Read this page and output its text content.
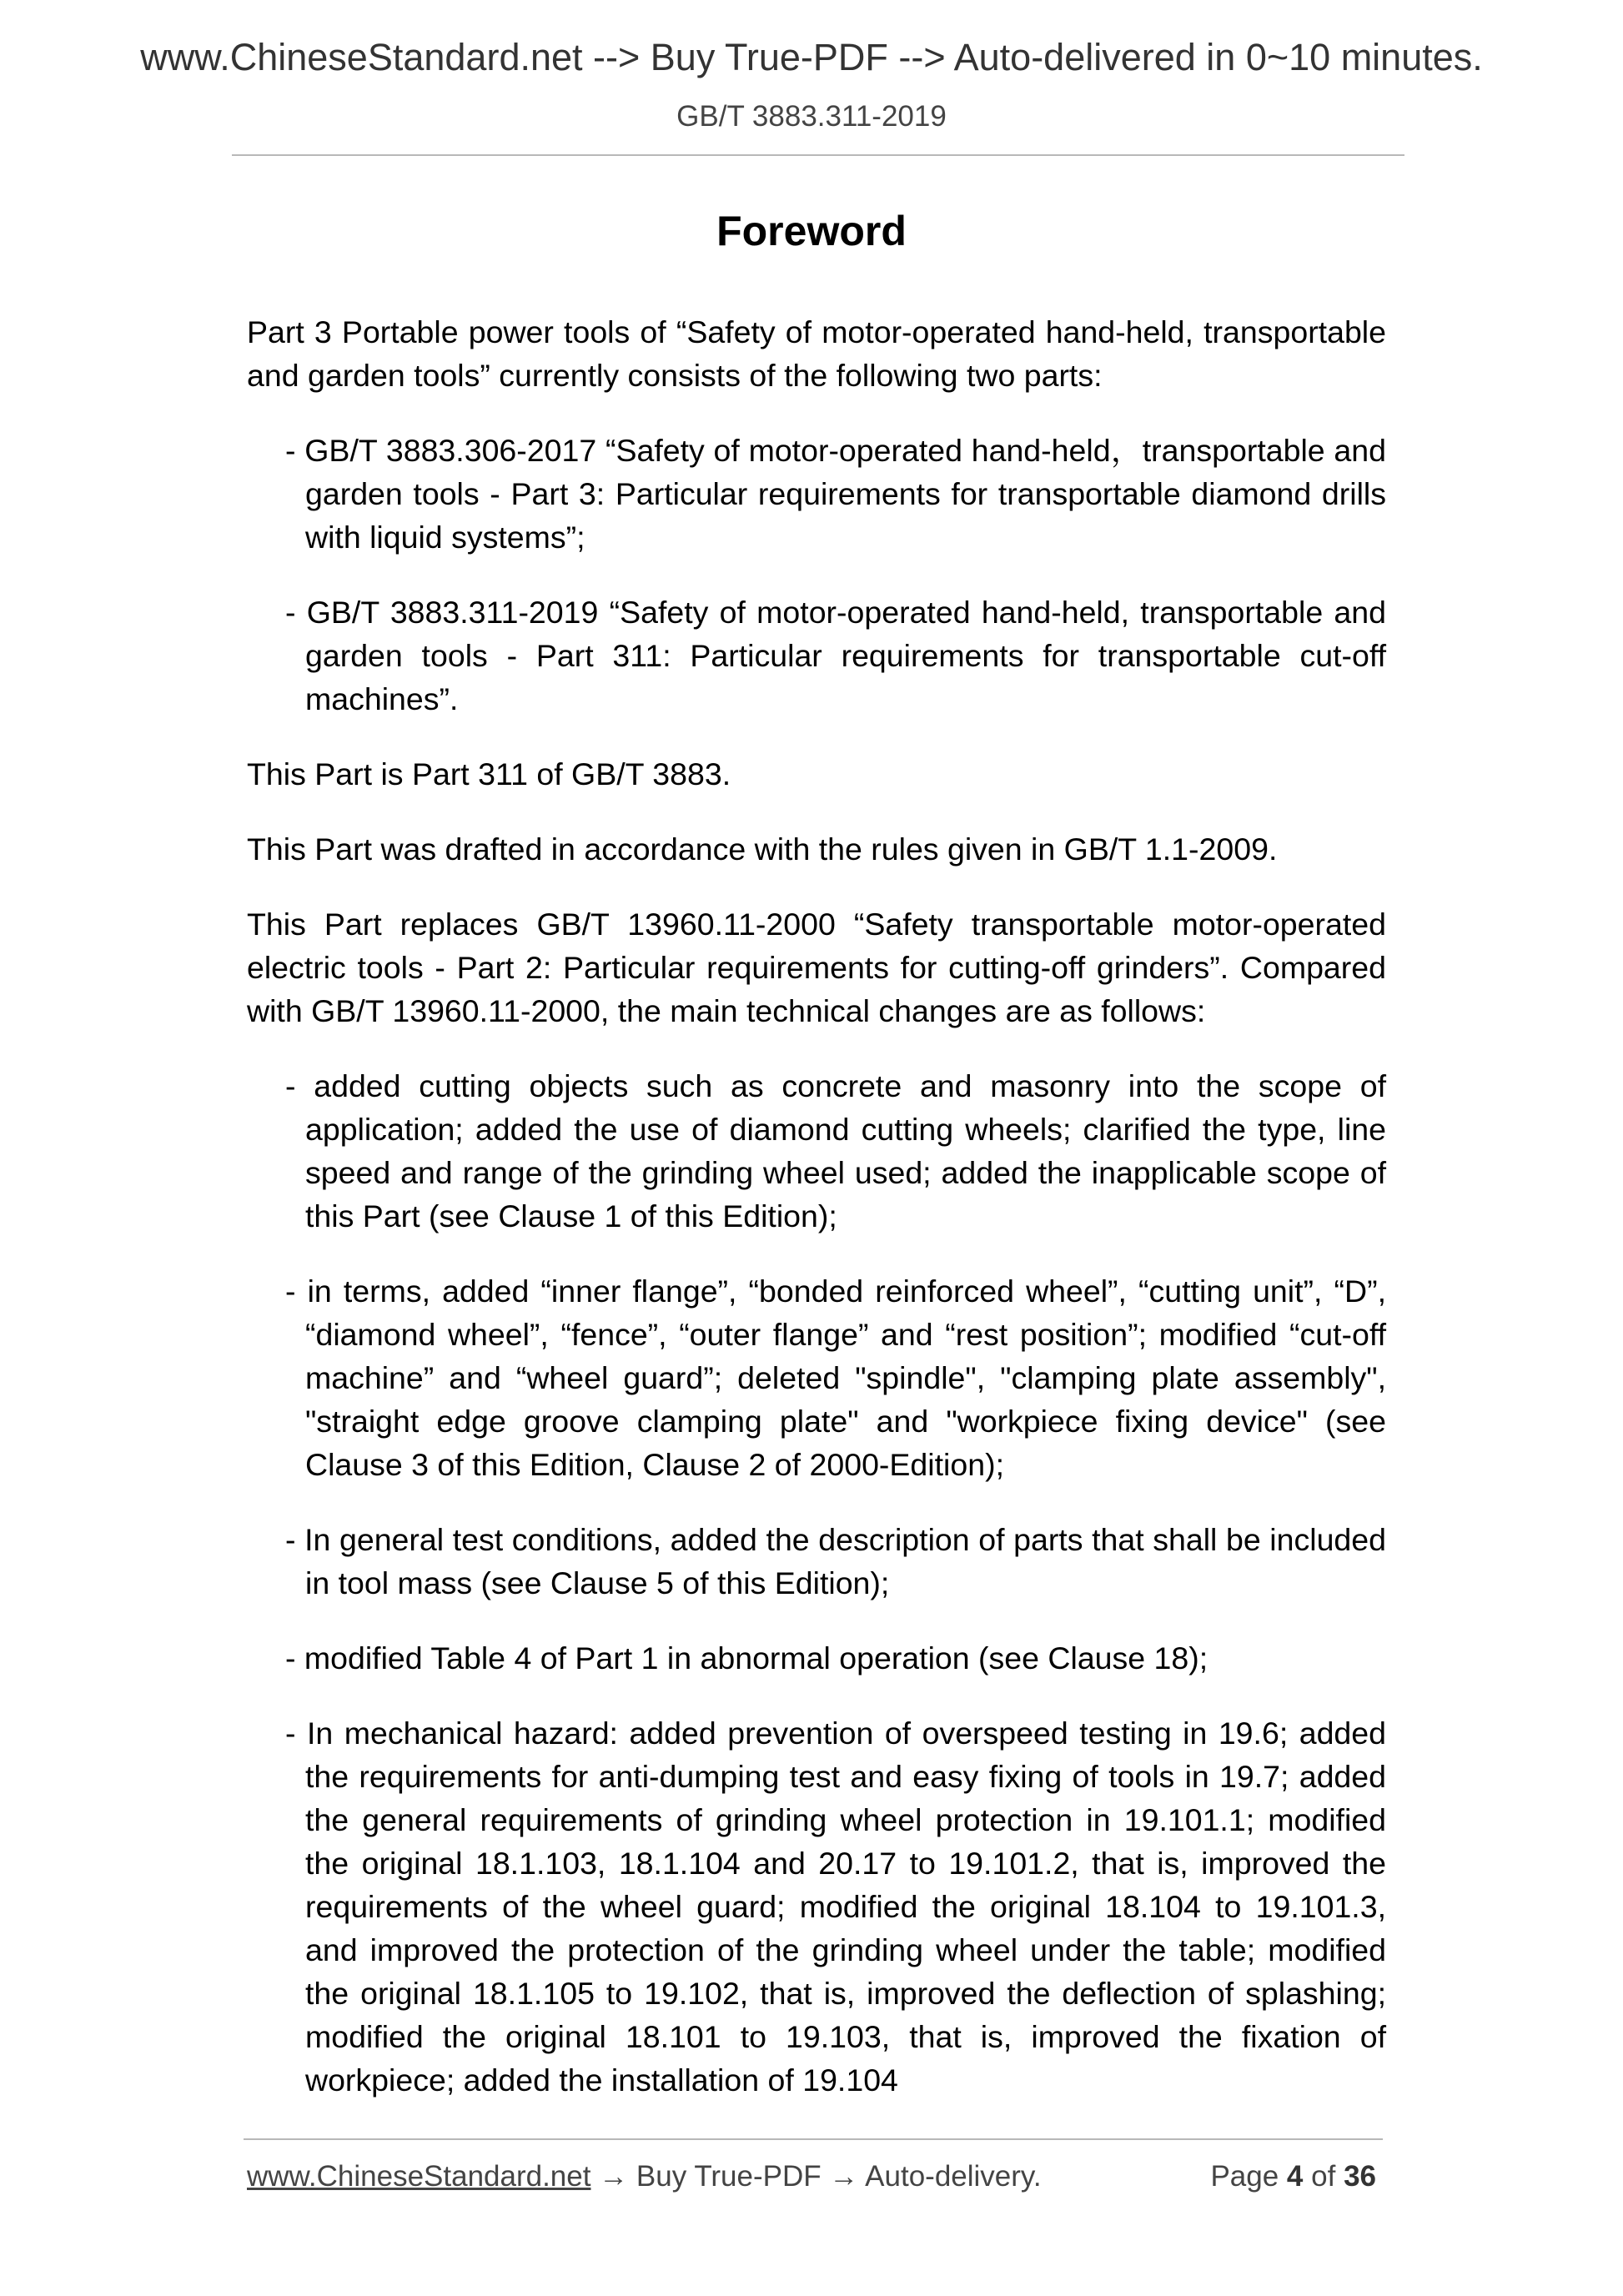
www.ChineseStandard.net --> Buy True-PDF --> Auto-delivered in 0~10 minutes.
GB/T 3883.311-2019
Foreword

Part 3 Portable power tools of “Safety of motor-operated hand-held, transportable and garden tools” currently consists of the following two parts:

- GB/T 3883.306-2017 “Safety of motor-operated hand-held，transportable and garden tools - Part 3: Particular requirements for transportable diamond drills with liquid systems”;

- GB/T 3883.311-2019 “Safety of motor-operated hand-held, transportable and garden tools - Part 311: Particular requirements for transportable cut-off machines”.

This Part is Part 311 of GB/T 3883.

This Part was drafted in accordance with the rules given in GB/T 1.1-2009.

This Part replaces GB/T 13960.11-2000 “Safety transportable motor-operated electric tools - Part 2: Particular requirements for cutting-off grinders”. Compared with GB/T 13960.11-2000, the main technical changes are as follows:

- added cutting objects such as concrete and masonry into the scope of application; added the use of diamond cutting wheels; clarified the type, line speed and range of the grinding wheel used; added the inapplicable scope of this Part (see Clause 1 of this Edition);

- in terms, added “inner flange”, “bonded reinforced wheel”, “cutting unit”, “D”, “diamond wheel”, “fence”, “outer flange” and “rest position”; modified “cut-off machine” and “wheel guard”; deleted "spindle", "clamping plate assembly", "straight edge groove clamping plate" and "workpiece fixing device" (see Clause 3 of this Edition, Clause 2 of 2000-Edition);

- In general test conditions, added the description of parts that shall be included in tool mass (see Clause 5 of this Edition);

- modified Table 4 of Part 1 in abnormal operation (see Clause 18);

- In mechanical hazard: added prevention of overspeed testing in 19.6; added the requirements for anti-dumping test and easy fixing of tools in 19.7; added the general requirements of grinding wheel protection in 19.101.1; modified the original 18.1.103, 18.1.104 and 20.17 to 19.101.2, that is, improved the requirements of the wheel guard; modified the original 18.104 to 19.101.3, and improved the protection of the grinding wheel under the table; modified the original 18.1.105 to 19.102, that is, improved the deflection of splashing; modified the original 18.101 to 19.103, that is, improved the fixation of workpiece; added the installation of 19.104

www.ChineseStandard.net → Buy True-PDF → Auto-delivery.	Page 4 of 36
